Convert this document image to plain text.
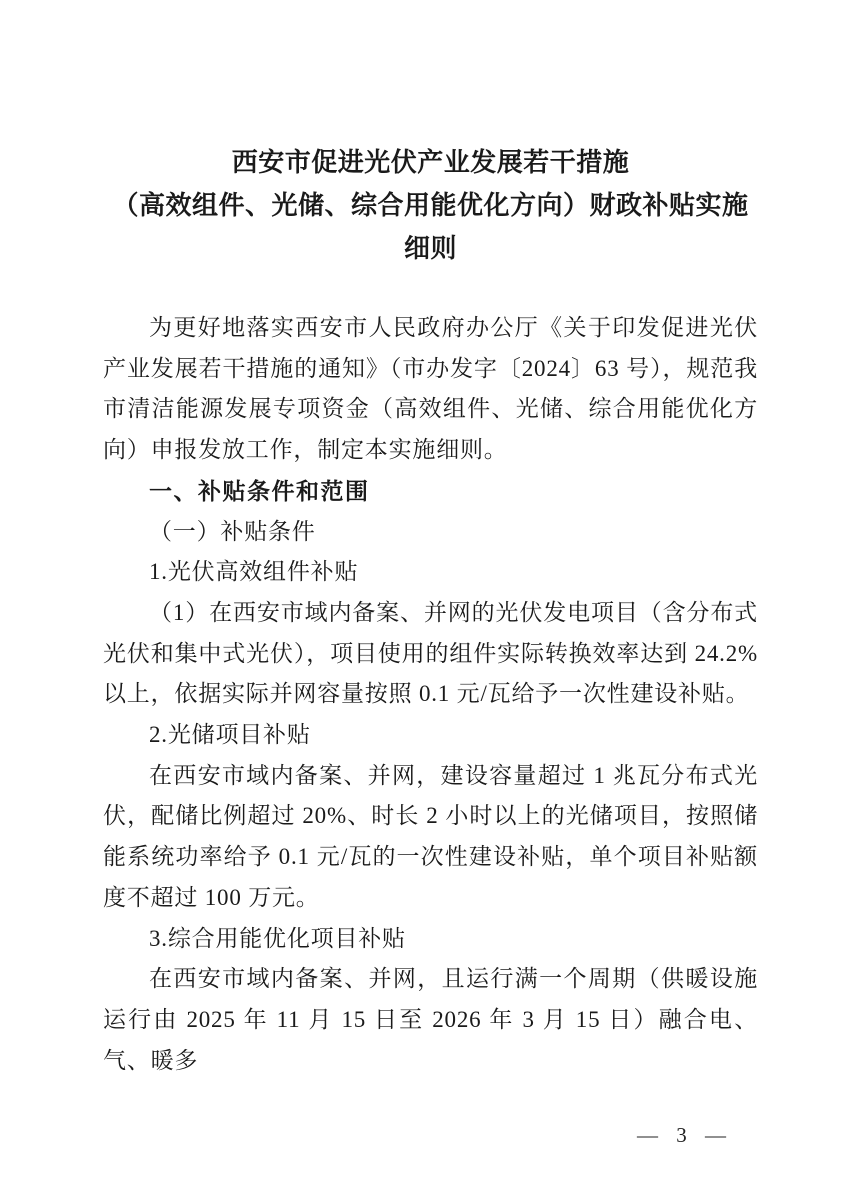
西安市促进光伏产业发展若干措施
（高效组件、光储、综合用能优化方向）财政补贴实施细则

为更好地落实西安市人民政府办公厅《关于印发促进光伏产业发展若干措施的通知》（市办发字〔2024〕63 号），规范我市清洁能源发展专项资金（高效组件、光储、综合用能优化方向）申报发放工作，制定本实施细则。

一、补贴条件和范围

（一）补贴条件

1.光伏高效组件补贴

（1）在西安市域内备案、并网的光伏发电项目（含分布式光伏和集中式光伏），项目使用的组件实际转换效率达到 24.2%以上，依据实际并网容量按照 0.1 元/瓦给予一次性建设补贴。

2.光储项目补贴

在西安市域内备案、并网，建设容量超过 1 兆瓦分布式光伏，配储比例超过 20%、时长 2 小时以上的光储项目，按照储能系统功率给予 0.1 元/瓦的一次性建设补贴，单个项目补贴额度不超过 100 万元。

3.综合用能优化项目补贴

在西安市域内备案、并网，且运行满一个周期（供暖设施运行由 2025 年 11 月 15 日至 2026 年 3 月 15 日）融合电、气、暖多

— 3 —
